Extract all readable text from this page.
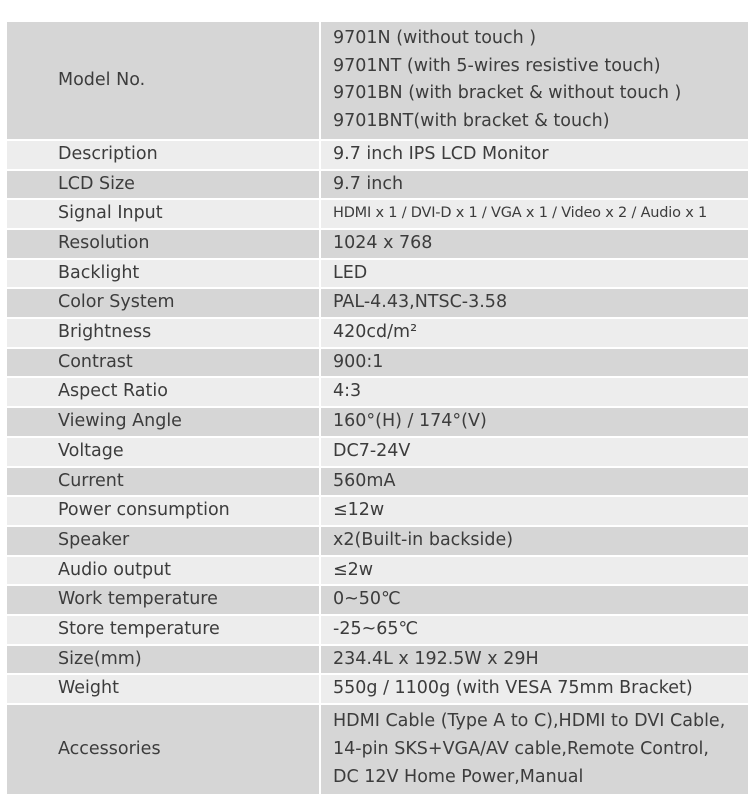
Model No.	9701N (without touch )
9701NT (with 5-wires resistive touch)
9701BN (with bracket & without touch )
9701BNT(with bracket & touch)

Description	9.7 inch IPS LCD Monitor
LCD Size	9.7 inch
Signal Input	HDMI x 1 / DVI-D x 1 / VGA x 1 / Video x 2 / Audio x 1
Resolution	1024 x 768
Backlight	LED
Color System	PAL-4.43,NTSC-3.58
Brightness	420cd/m²
Contrast	900:1
Aspect Ratio	4:3
Viewing Angle	160°(H) / 174°(V)
Voltage	DC7-24V
Current	560mA
Power consumption	≤12w
Speaker	x2(Built-in backside)
Audio output	≤2w
Work temperature	0~50℃
Store temperature	-25~65℃
Size(mm)	234.4L x 192.5W x 29H
Weight	550g / 1100g (with VESA 75mm Bracket)
Accessories	HDMI Cable (Type A to C),HDMI to DVI Cable,
14-pin SKS+VGA/AV cable,Remote Control,
DC 12V Home Power,Manual
